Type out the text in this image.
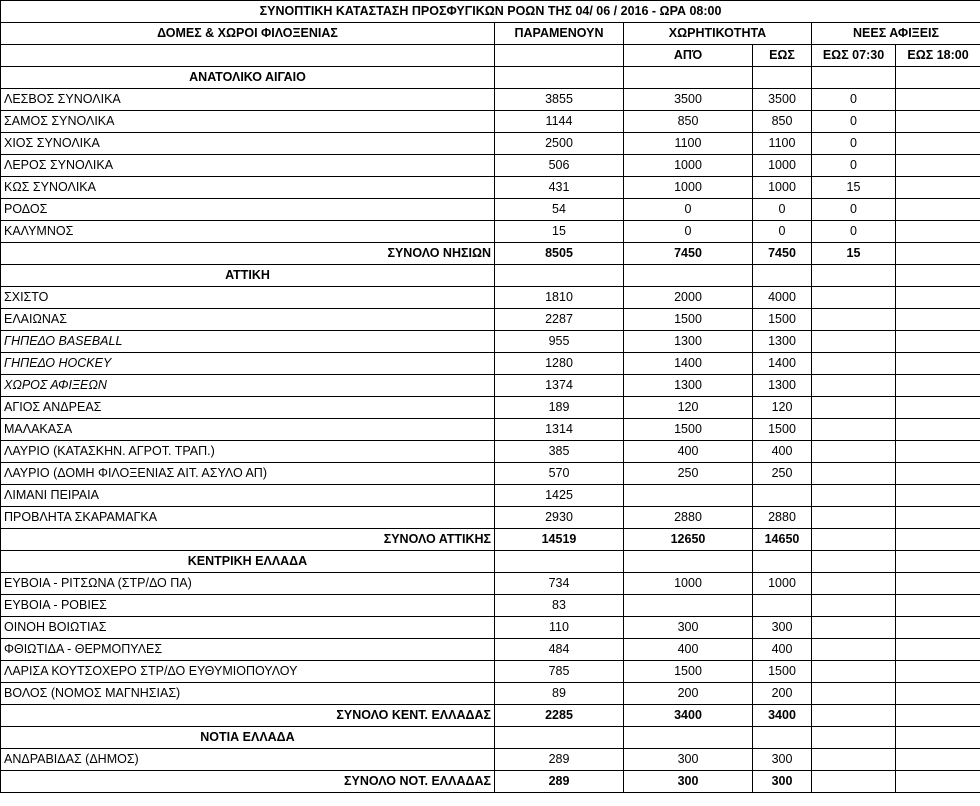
ΣΥΝΟΠΤΙΚΗ ΚΑΤΑΣΤΑΣΗ ΠΡΟΣΦΥΓΙΚΩΝ ΡΟΩΝ ΤΗΣ 04/ 06 / 2016 - ΩΡΑ 08:00					
ΔΟΜΕΣ & ΧΩΡΟΙ ΦΙΛΟΞΕΝΙΑΣ	ΠΑΡΑΜΕΝΟΥΝ	ΧΩΡΗΤΙΚΟΤΗΤΑ		ΝΕΕΣ ΑΦΙΞΕΙΣ	
		ΑΠΌ	ΕΩΣ	ΕΩΣ 07:30	ΕΩΣ 18:00
ΑΝΑΤΟΛΙΚΟ ΑΙΓΑΙΟ					
ΛΕΣΒΟΣ ΣΥΝΟΛΙΚΑ	3855	3500	3500	0	
ΣΑΜΟΣ ΣΥΝΟΛΙΚΑ	1144	850	850	0	
ΧΙΟΣ ΣΥΝΟΛΙΚΑ	2500	1100	1100	0	
ΛΕΡΟΣ ΣΥΝΟΛΙΚΑ	506	1000	1000	0	
ΚΩΣ ΣΥΝΟΛΙΚΑ	431	1000	1000	15	
ΡΟΔΟΣ	54	0	0	0	
ΚΑΛΥΜΝΟΣ	15	0	0	0	
ΣΥΝΟΛΟ ΝΗΣΙΩΝ	8505	7450	7450	15	
ΑΤΤΙΚΗ					
ΣΧΙΣΤΟ	1810	2000	4000		
ΕΛΑΙΩΝΑΣ	2287	1500	1500		
ΓΗΠΕΔΟ BASEBALL	955	1300	1300		
ΓΗΠΕΔΟ HOCKEY	1280	1400	1400		
ΧΩΡΟΣ ΑΦΙΞΕΩΝ	1374	1300	1300		
ΑΓΙΟΣ ΑΝΔΡΕΑΣ	189	120	120		
ΜΑΛΑΚΑΣΑ	1314	1500	1500		
ΛΑΥΡΙΟ (ΚΑΤΑΣΚΗΝ. ΑΓΡΟΤ. ΤΡΑΠ.)	385	400	400		
ΛΑΥΡΙΟ (ΔΟΜΗ ΦΙΛΟΞΕΝΙΑΣ ΑΙΤ. ΑΣΥΛΟ ΑΠ)	570	250	250		
ΛΙΜΑΝΙ ΠΕΙΡΑΙΑ	1425				
ΠΡΟΒΛΗΤΑ ΣΚΑΡΑΜΑΓΚΑ	2930	2880	2880		
ΣΥΝΟΛΟ ΑΤΤΙΚΗΣ	14519	12650	14650		
ΚΕΝΤΡΙΚΗ ΕΛΛΑΔΑ					
ΕΥΒΟΙΑ - ΡΙΤΣΩΝΑ (ΣΤΡ/ΔΟ ΠΑ)	734	1000	1000		
ΕΥΒΟΙΑ - ΡΟΒΙΕΣ	83				
ΟΙΝΟΗ ΒΟΙΩΤΙΑΣ	110	300	300		
ΦΘΙΩΤΙΔΑ - ΘΕΡΜΟΠΥΛΕΣ	484	400	400		
ΛΑΡΙΣΑ ΚΟΥΤΣΟΧΕΡΟ ΣΤΡ/ΔΟ ΕΥΘΥΜΙΟΠΟΥΛΟΥ	785	1500	1500		
ΒΟΛΟΣ (ΝΟΜΟΣ ΜΑΓΝΗΣΙΑΣ)	89	200	200		
ΣΥΝΟΛΟ ΚΕΝΤ. ΕΛΛΑΔΑΣ	2285	3400	3400		
ΝΟΤΙΑ ΕΛΛΑΔΑ					
ΑΝΔΡΑΒΙΔΑΣ (ΔΗΜΟΣ)	289	300	300		
ΣΥΝΟΛΟ ΝΟΤ. ΕΛΛΑΔΑΣ	289	300	300		
